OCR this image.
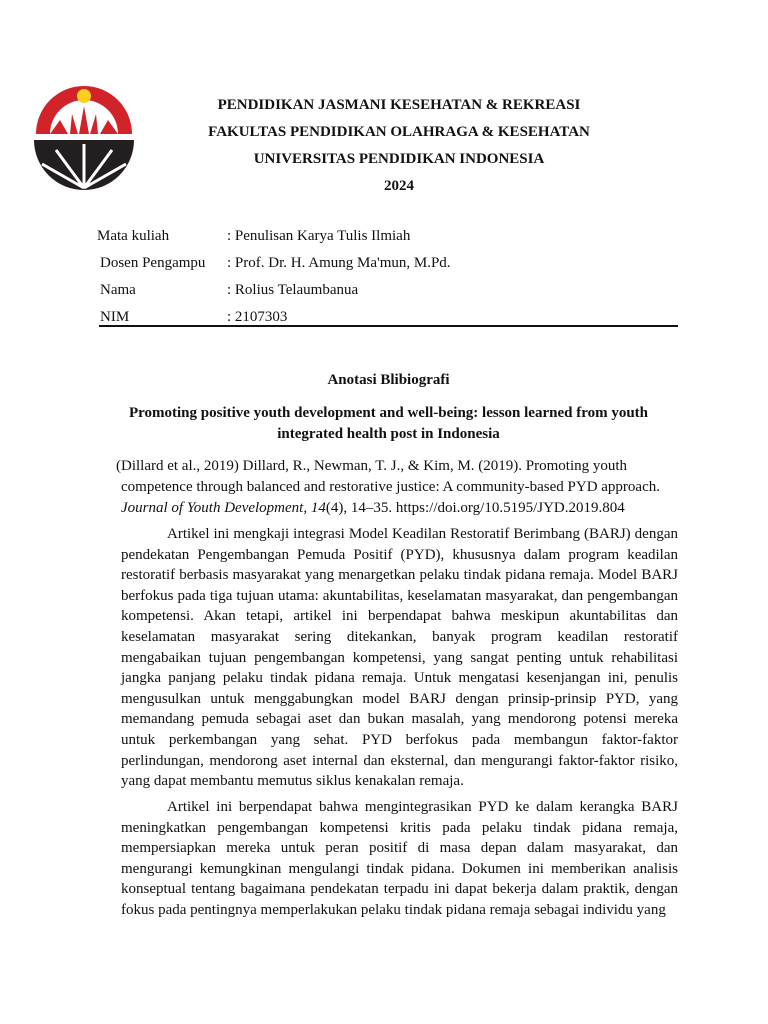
PENDIDIKAN JASMANI KESEHATAN & REKREASI
FAKULTAS PENDIDIKAN OLAHRAGA & KESEHATAN
UNIVERSITAS PENDIDIKAN INDONESIA
2024
Mata kuliah	: Penulisan Karya Tulis Ilmiah
Dosen Pengampu : Prof. Dr. H. Amung Ma'mun, M.Pd.
Nama	: Rolius Telaumbanua
NIM	: 2107303
Anotasi Blibiografi
Promoting positive youth development and well-being: lesson learned from youth integrated health post in Indonesia
(Dillard et al., 2019) Dillard, R., Newman, T. J., & Kim, M. (2019). Promoting youth
competence through balanced and restorative justice: A community-based PYD approach.
Journal of Youth Development, 14(4), 14–35. https://doi.org/10.5195/JYD.2019.804

Artikel ini mengkaji integrasi Model Keadilan Restoratif Berimbang (BARJ) dengan pendekatan Pengembangan Pemuda Positif (PYD), khususnya dalam program keadilan restoratif berbasis masyarakat yang menargetkan pelaku tindak pidana remaja. Model BARJ berfokus pada tiga tujuan utama: akuntabilitas, keselamatan masyarakat, dan pengembangan kompetensi. Akan tetapi, artikel ini berpendapat bahwa meskipun akuntabilitas dan keselamatan masyarakat sering ditekankan, banyak program keadilan restoratif mengabaikan tujuan pengembangan kompetensi, yang sangat penting untuk rehabilitasi jangka panjang pelaku tindak pidana remaja. Untuk mengatasi kesenjangan ini, penulis mengusulkan untuk menggabungkan model BARJ dengan prinsip-prinsip PYD, yang memandang pemuda sebagai aset dan bukan masalah, yang mendorong potensi mereka untuk perkembangan yang sehat. PYD berfokus pada membangun faktor-faktor perlindungan, mendorong aset internal dan eksternal, dan mengurangi faktor-faktor risiko, yang dapat membantu memutus siklus kenakalan remaja.

Artikel ini berpendapat bahwa mengintegrasikan PYD ke dalam kerangka BARJ meningkatkan pengembangan kompetensi kritis pada pelaku tindak pidana remaja, mempersiapkan mereka untuk peran positif di masa depan dalam masyarakat, dan mengurangi kemungkinan mengulangi tindak pidana. Dokumen ini memberikan analisis konseptual tentang bagaimana pendekatan terpadu ini dapat bekerja dalam praktik, dengan fokus pada pentingnya memperlakukan pelaku tindak pidana remaja sebagai individu yang
